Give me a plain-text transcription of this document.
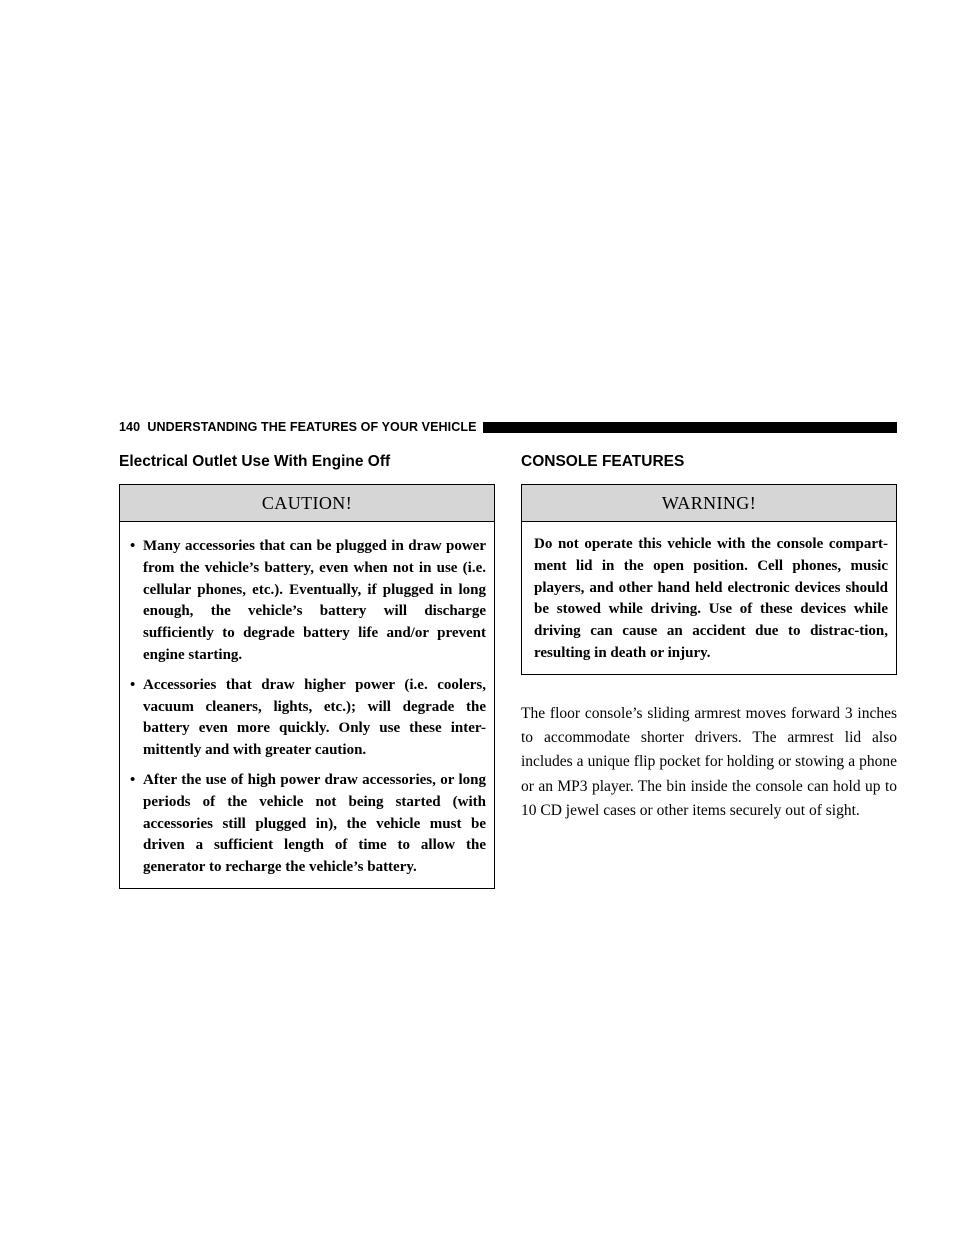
140 UNDERSTANDING THE FEATURES OF YOUR VEHICLE
Electrical Outlet Use With Engine Off
CAUTION!
• Many accessories that can be plugged in draw power from the vehicle’s battery, even when not in use (i.e. cellular phones, etc.). Eventually, if plugged in long enough, the vehicle’s battery will discharge sufficiently to degrade battery life and/or prevent engine starting.
• Accessories that draw higher power (i.e. coolers, vacuum cleaners, lights, etc.); will degrade the battery even more quickly. Only use these inter-mittently and with greater caution.
• After the use of high power draw accessories, or long periods of the vehicle not being started (with accessories still plugged in), the vehicle must be driven a sufficient length of time to allow the generator to recharge the vehicle’s battery.
CONSOLE FEATURES
WARNING!
Do not operate this vehicle with the console compart-ment lid in the open position. Cell phones, music players, and other hand held electronic devices should be stowed while driving. Use of these devices while driving can cause an accident due to distrac-tion, resulting in death or injury.

The floor console’s sliding armrest moves forward 3 inches to accommodate shorter drivers. The armrest lid also includes a unique flip pocket for holding or stowing a phone or an MP3 player. The bin inside the console can hold up to 10 CD jewel cases or other items securely out of sight.
